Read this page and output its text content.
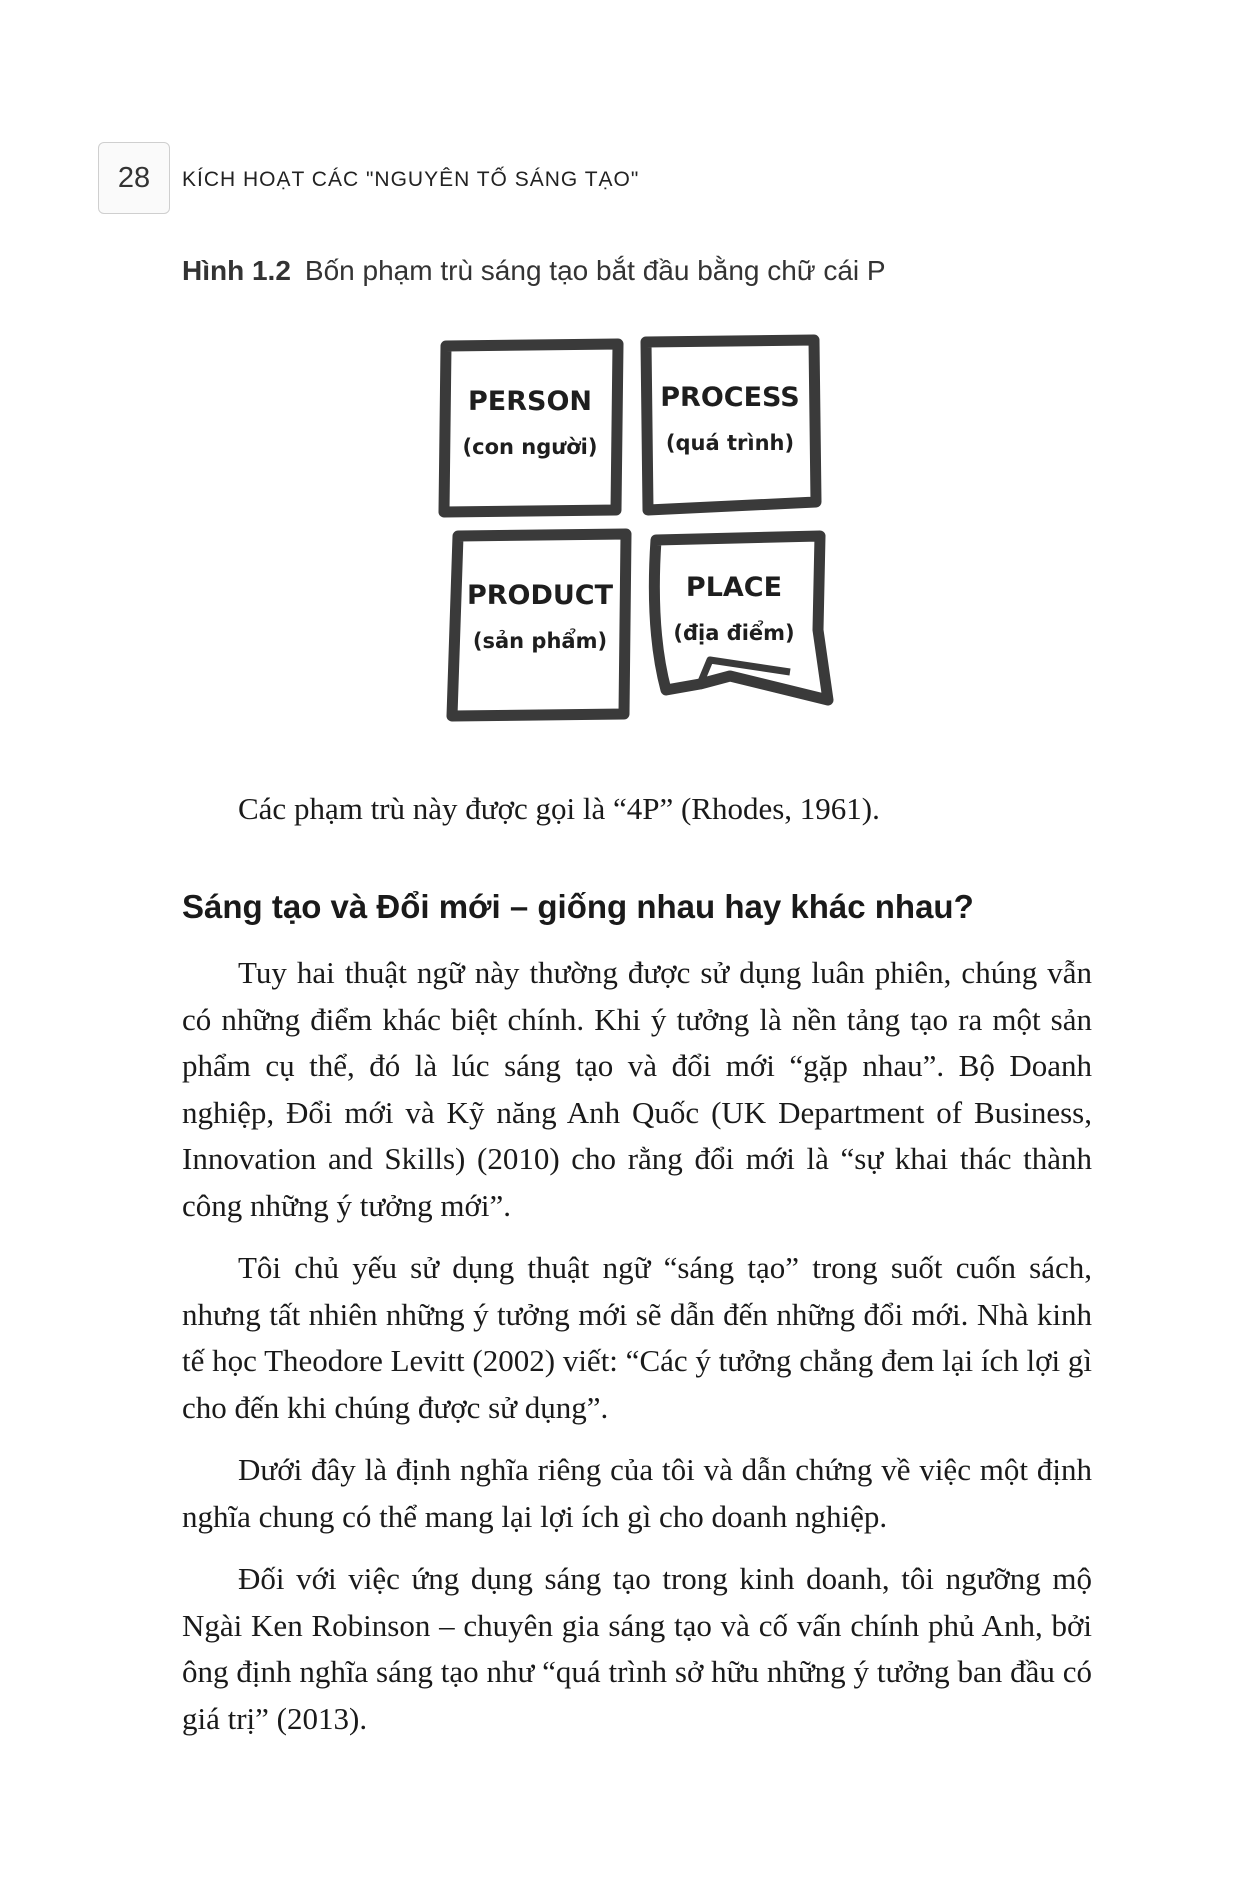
28	KÍCH HOẠT CÁC "NGUYÊN TỐ SÁNG TẠO"
Hình 1.2 Bốn phạm trù sáng tạo bắt đầu bằng chữ cái P
PERSON
(con người)
PROCESS
(quá trình)
PRODUCT
(sản phẩm)
PLACE
(địa điểm)
Các phạm trù này được gọi là “4P” (Rhodes, 1961).
Sáng tạo và Đổi mới – giống nhau hay khác nhau?

Tuy hai thuật ngữ này thường được sử dụng luân phiên, chúng vẫn có những điểm khác biệt chính. Khi ý tưởng là nền tảng tạo ra một sản phẩm cụ thể, đó là lúc sáng tạo và đổi mới “gặp nhau”. Bộ Doanh nghiệp, Đổi mới và Kỹ năng Anh Quốc (UK Department of Business, Innovation and Skills) (2010) cho rằng đổi mới là “sự khai thác thành công những ý tưởng mới”.

Tôi chủ yếu sử dụng thuật ngữ “sáng tạo” trong suốt cuốn sách, nhưng tất nhiên những ý tưởng mới sẽ dẫn đến những đổi mới. Nhà kinh tế học Theodore Levitt (2002) viết: “Các ý tưởng chẳng đem lại ích lợi gì cho đến khi chúng được sử dụng”.

Dưới đây là định nghĩa riêng của tôi và dẫn chứng về việc một định nghĩa chung có thể mang lại lợi ích gì cho doanh nghiệp.

Đối với việc ứng dụng sáng tạo trong kinh doanh, tôi ngưỡng mộ Ngài Ken Robinson – chuyên gia sáng tạo và cố vấn chính phủ Anh, bởi ông định nghĩa sáng tạo như “quá trình sở hữu những ý tưởng ban đầu có giá trị” (2013).
